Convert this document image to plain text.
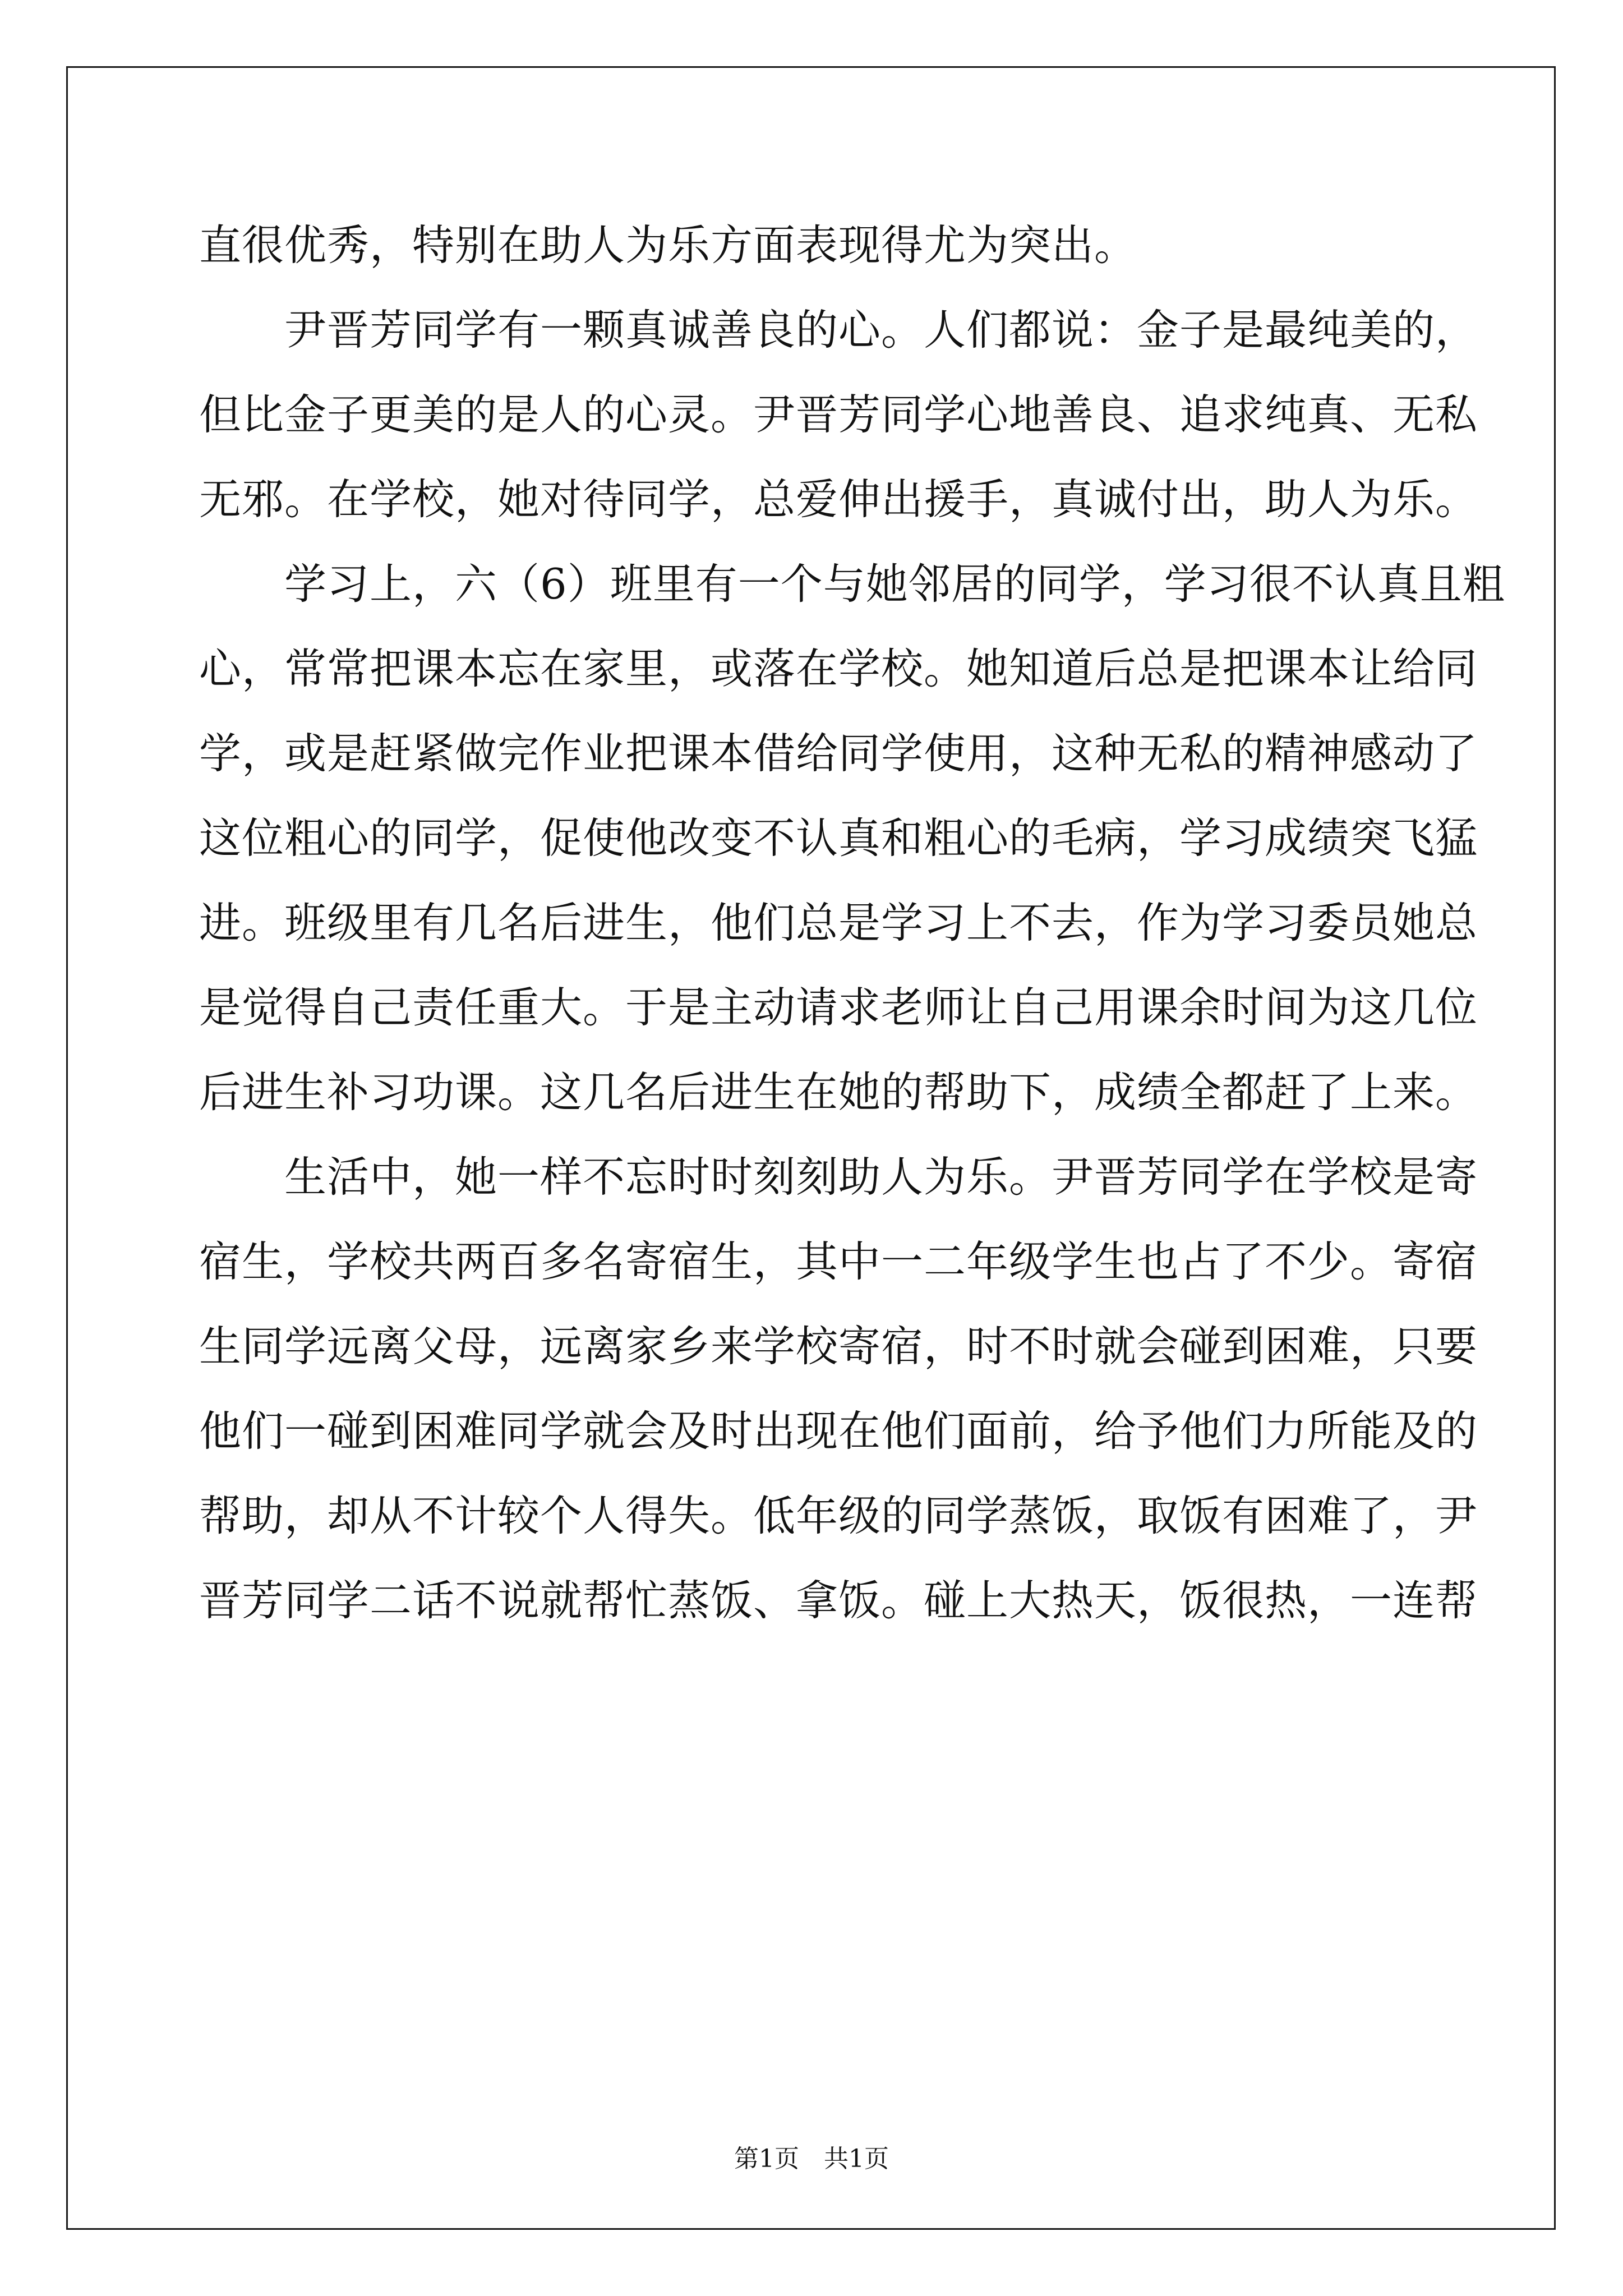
直很优秀，特别在助人为乐方面表现得尤为突出。
尹晋芳同学有一颗真诚善良的心。人们都说：金子是最纯美的，
但比金子更美的是人的心灵。尹晋芳同学心地善良、追求纯真、无私
无邪。在学校，她对待同学，总爱伸出援手，真诚付出，助人为乐。
学习上，六（6）班里有一个与她邻居的同学，学习很不认真且粗
心，常常把课本忘在家里，或落在学校。她知道后总是把课本让给同
学，或是赶紧做完作业把课本借给同学使用，这种无私的精神感动了
这位粗心的同学，促使他改变不认真和粗心的毛病，学习成绩突飞猛
进。班级里有几名后进生，他们总是学习上不去，作为学习委员她总
是觉得自己责任重大。于是主动请求老师让自己用课余时间为这几位
后进生补习功课。这几名后进生在她的帮助下，成绩全都赶了上来。
生活中，她一样不忘时时刻刻助人为乐。尹晋芳同学在学校是寄
宿生，学校共两百多名寄宿生，其中一二年级学生也占了不少。寄宿
生同学远离父母，远离家乡来学校寄宿，时不时就会碰到困难，只要
他们一碰到困难同学就会及时出现在他们面前，给予他们力所能及的
帮助，却从不计较个人得失。低年级的同学蒸饭，取饭有困难了，尹
晋芳同学二话不说就帮忙蒸饭、拿饭。碰上大热天，饭很热，一连帮
第1页 共1页
